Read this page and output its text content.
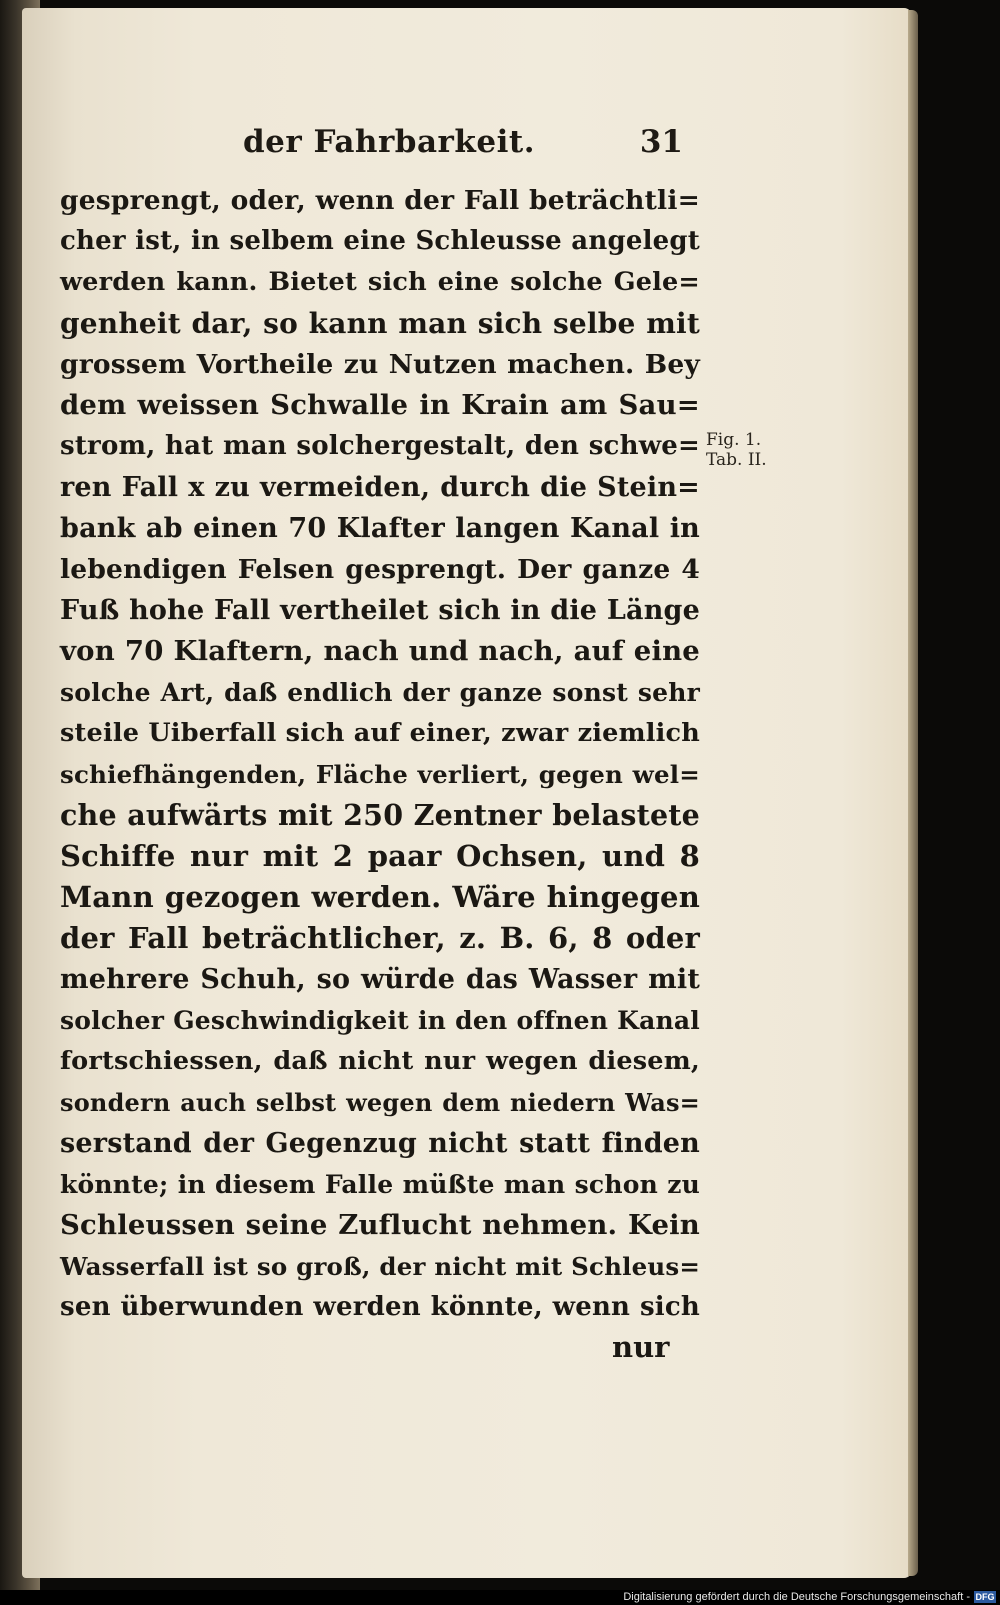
der Fahrbarkeit.	31
gesprengt, oder, wenn der Fall beträchtli=
cher ist, in selbem eine Schleusse angelegt
werden kann. Bietet sich eine solche Gele=
genheit dar, so kann man sich selbe mit
grossem Vortheile zu Nutzen machen. Bey
dem weissen Schwalle in Krain am Sau=
strom, hat man solchergestalt, den schwe=
ren Fall x zu vermeiden, durch die Stein=
bank ab einen 70 Klafter langen Kanal in
lebendigen Felsen gesprengt. Der ganze 4
Fuß hohe Fall vertheilet sich in die Länge
von 70 Klaftern, nach und nach, auf eine
solche Art, daß endlich der ganze sonst sehr
steile Uiberfall sich auf einer, zwar ziemlich
schiefhängenden, Fläche verliert, gegen wel=
che aufwärts mit 250 Zentner belastete
Schiffe nur mit 2 paar Ochsen, und 8
Mann gezogen werden. Wäre hingegen
der Fall beträchtlicher, z. B. 6, 8 oder
mehrere Schuh, so würde das Wasser mit
solcher Geschwindigkeit in den offnen Kanal
fortschiessen, daß nicht nur wegen diesem,
sondern auch selbst wegen dem niedern Was=
serstand der Gegenzug nicht statt finden
könnte; in diesem Falle müßte man schon zu
Schleussen seine Zuflucht nehmen. Kein
Wasserfall ist so groß, der nicht mit Schleus=
sen überwunden werden könnte, wenn sich
nur
Fig. 1.
Tab. II.
Digitalisierung gefördert durch die Deutsche Forschungsgemeinschaft - DFG
